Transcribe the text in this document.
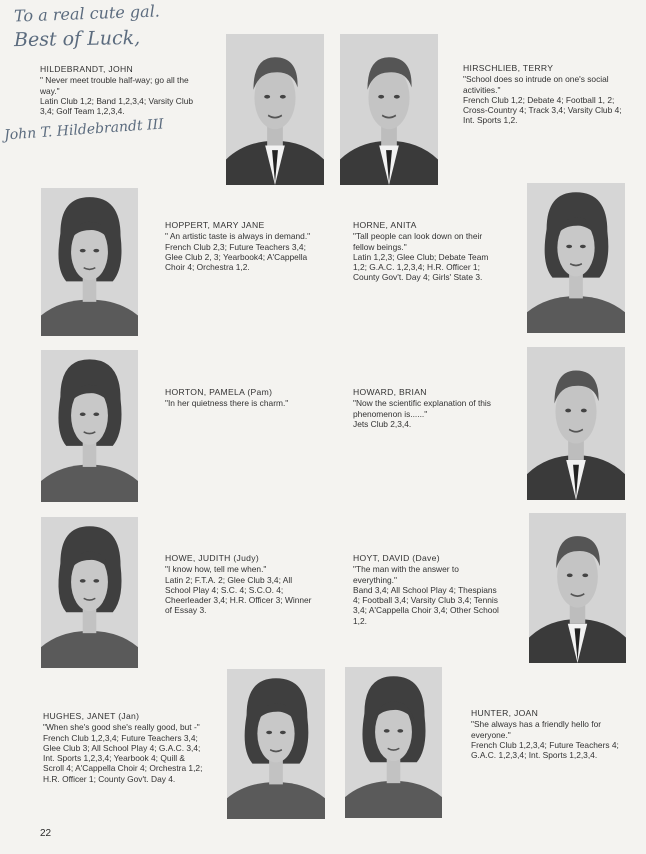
To a real cute gal.
Best of Luck,
John T. Hildebrandt III
HILDEBRANDT, JOHN
" Never meet trouble half-way; go all the way."
Latin Club 1,2; Band 1,2,3,4; Varsity Club 3,4; Golf Team 1,2,3,4.
HIRSCHLIEB, TERRY
"School does so intrude on one's social activities."
French Club 1,2; Debate 4; Football 1, 2; Cross-Country 4; Track 3,4; Varsity Club 4; Int. Sports 1,2.
HOPPERT, MARY JANE
" An artistic taste is always in demand."
French Club 2,3; Future Teachers 3,4; Glee Club 2, 3; Yearbook4; A'Cappella Choir 4; Orchestra 1,2.
HORNE, ANITA
"Tall people can look down on their fellow beings."
Latin 1,2,3; Glee Club; Debate Team 1,2; G.A.C. 1,2,3,4; H.R. Officer 1; County Gov't. Day 4; Girls' State 3.
HORTON, PAMELA (Pam)
"In her quietness there is charm."
HOWARD, BRIAN
"Now the scientific explanation of this phenomenon is......"
Jets Club 2,3,4.
HOWE, JUDITH (Judy)
"I know how, tell me when."
Latin 2; F.T.A. 2; Glee Club 3,4; All School Play 4; S.C. 4; S.C.O. 4; Cheerleader 3,4; H.R. Officer 3; Winner of Essay 3.
HOYT, DAVID (Dave)
"The man with the answer to everything."
Band 3,4; All School Play 4; Thespians 4; Football 3,4; Varsity Club 3,4; Tennis 3,4; A'Cappella Choir 3,4; Other School 1,2.
HUGHES, JANET (Jan)
"When she's good she's really good, but -"
French Club 1,2,3,4; Future Teachers 3,4; Glee Club 3; All School Play 4; G.A.C. 3,4; Int. Sports 1,2,3,4; Yearbook 4; Quill & Scroll 4; A'Cappella Choir 4; Orchestra 1,2; H.R. Officer 1; County Gov't. Day 4.
HUNTER, JOAN
"She always has a friendly hello for everyone."
French Club 1,2,3,4; Future Teachers 4; G.A.C. 1,2,3,4; Int. Sports 1,2,3,4.
22
